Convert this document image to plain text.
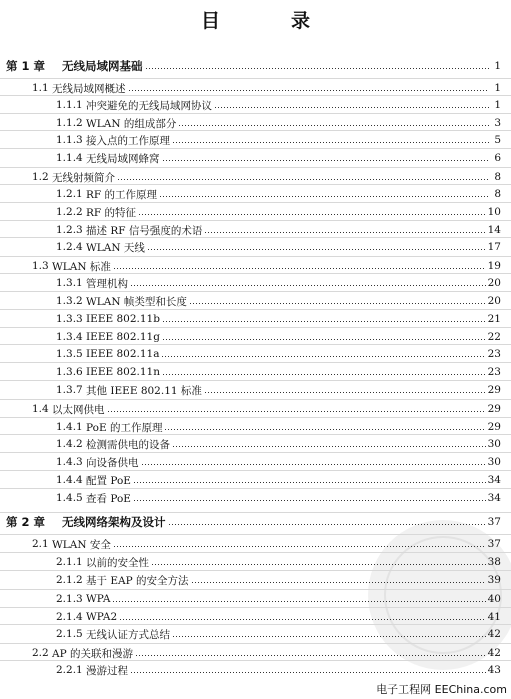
目　录
第 1 章	无线局域网基础	1
1.1 无线局域网概述	1
1.1.1 冲突避免的无线局域网协议	1
1.1.2 WLAN 的组成部分	3
1.1.3 接入点的工作原理	5
1.1.4 无线局域网蜂窝	6
1.2 无线射频简介	8
1.2.1 RF 的工作原理	8
1.2.2 RF 的特征	10
1.2.3 描述 RF 信号强度的术语	14
1.2.4 WLAN 天线	17
1.3 WLAN 标准	19
1.3.1 管理机构	20
1.3.2 WLAN 帧类型和长度	20
1.3.3 IEEE 802.11b	21
1.3.4 IEEE 802.11g	22
1.3.5 IEEE 802.11a	23
1.3.6 IEEE 802.11n	23
1.3.7 其他 IEEE 802.11 标准	29
1.4 以太网供电	29
1.4.1 PoE 的工作原理	29
1.4.2 检测需供电的设备	30
1.4.3 向设备供电	30
1.4.4 配置 PoE	34
1.4.5 查看 PoE	34
第 2 章	无线网络架构及设计	37
2.1 WLAN 安全	37
2.1.1 以前的安全性	38
2.1.2 基于 EAP 的安全方法	39
2.1.3 WPA	40
2.1.4 WPA2	41
2.1.5 无线认证方式总结	42
2.2 AP 的关联和漫游	42
2.2.1 漫游过程	43
电子工程网 EEChina.com
